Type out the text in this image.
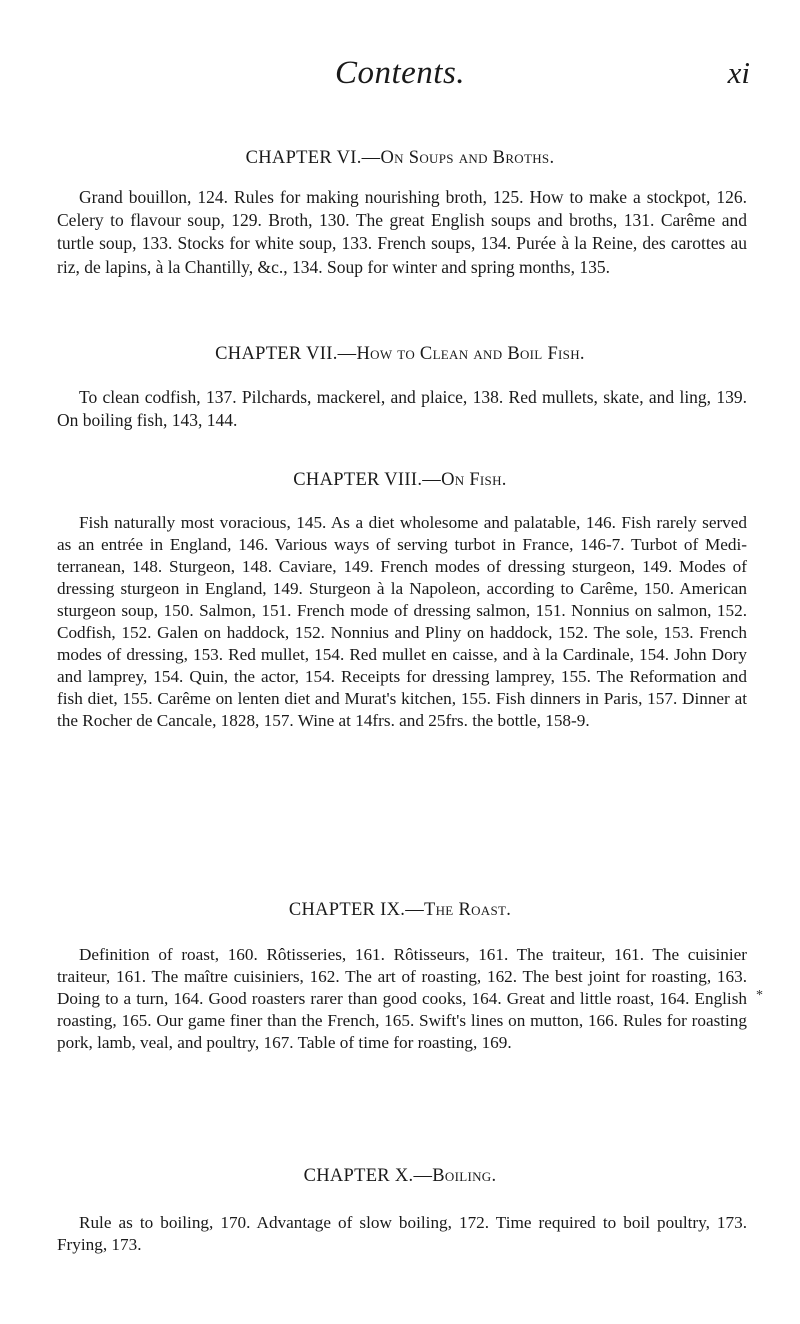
Contents.	xi
CHAPTER VI.—On Soups and Broths.
Grand bouillon, 124. Rules for making nourishing broth, 125. How to make a stockpot, 126. Celery to flavour soup, 129. Broth, 130. The great English soups and broths, 131. Carême and turtle soup, 133. Stocks for white soup, 133. French soups, 134. Purée à la Reine, des carottes au riz, de lapins, à la Chantilly, &c., 134. Soup for winter and spring months, 135.
CHAPTER VII.—How to Clean and Boil Fish.
To clean codfish, 137. Pilchards, mackerel, and plaice, 138. Red mullets, skate, and ling, 139. On boiling fish, 143, 144.
CHAPTER VIII.—On Fish.
Fish naturally most voracious, 145. As a diet wholesome and palatable, 146. Fish rarely served as an entrée in England, 146. Various ways of serving turbot in France, 146-7. Turbot of Mediterranean, 148. Sturgeon, 148. Caviare, 149. French modes of dressing sturgeon, 149. Modes of dressing sturgeon in England, 149. Sturgeon à la Napoleon, according to Carême, 150. American sturgeon soup, 150. Salmon, 151. French mode of dressing salmon, 151. Nonnius on salmon, 152. Codfish, 152. Galen on haddock, 152. Nonnius and Pliny on haddock, 152. The sole, 153. French modes of dressing, 153. Red mullet, 154. Red mullet en caisse, and à la Cardinale, 154. John Dory and lamprey, 154. Quin, the actor, 154. Receipts for dressing lamprey, 155. The Reformation and fish diet, 155. Carême on lenten diet and Murat's kitchen, 155. Fish dinners in Paris, 157. Dinner at the Rocher de Cancale, 1828, 157. Wine at 14frs. and 25frs. the bottle, 158-9.
CHAPTER IX.—The Roast.
*
Definition of roast, 160. Rôtisseries, 161. Rôtisseurs, 161. The traiteur, 161. The cuisinier traiteur, 161. The maître cuisiniers, 162. The art of roasting, 162. The best joint for roasting, 163. Doing to a turn, 164. Good roasters rarer than good cooks, 164. Great and little roast, 164. English roasting, 165. Our game finer than the French, 165. Swift's lines on mutton, 166. Rules for roasting pork, lamb, veal, and poultry, 167. Table of time for roasting, 169.
CHAPTER X.—Boiling.
Rule as to boiling, 170. Advantage of slow boiling, 172. Time required to boil poultry, 173. Frying, 173.
